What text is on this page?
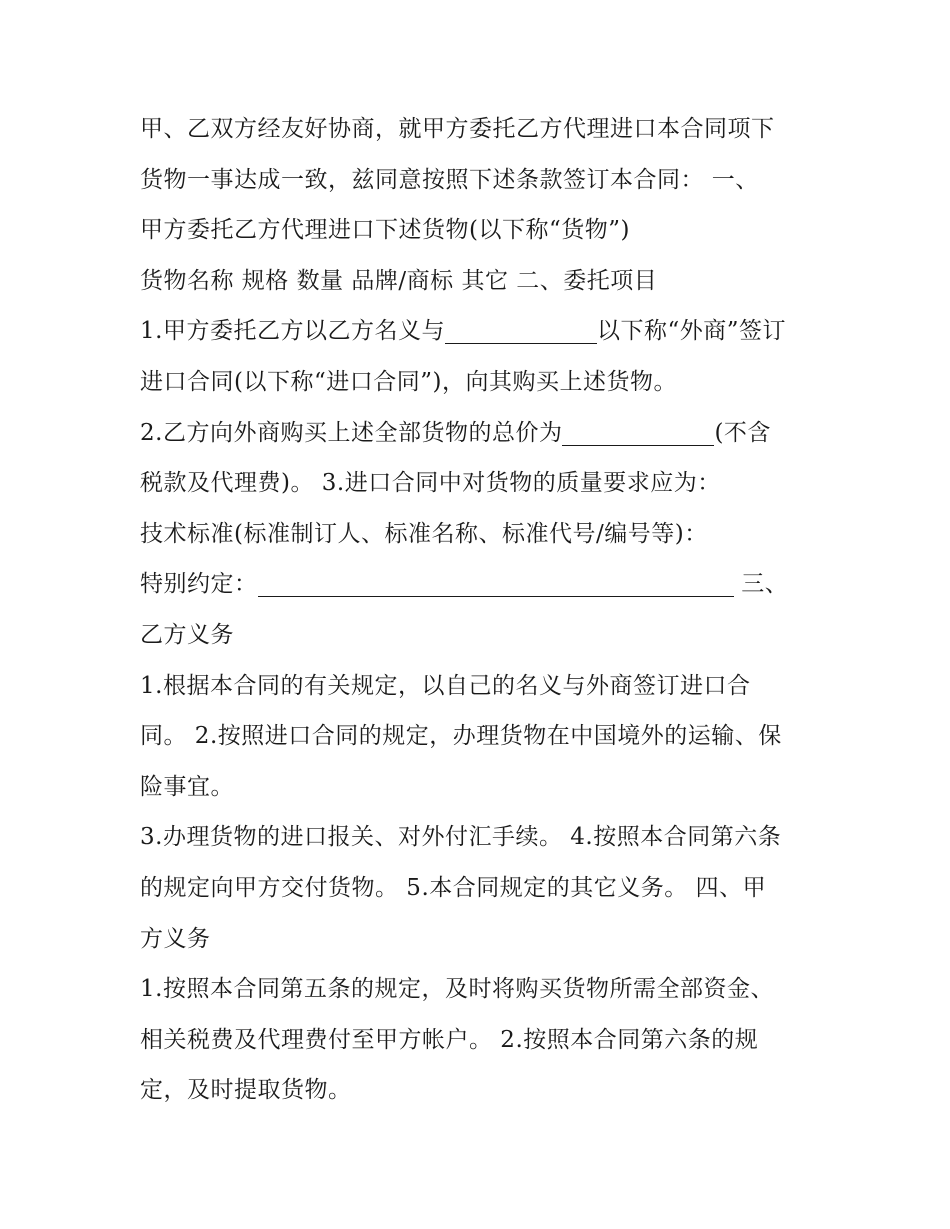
甲、乙双方经友好协商，就甲方委托乙方代理进口本合同项下
货物一事达成一致，兹同意按照下述条款签订本合同： 一、
甲方委托乙方代理进口下述货物(以下称“货物”)
货物名称 规格 数量 品牌/商标 其它 二、委托项目
1.甲方委托乙方以乙方名义与	以下称“外商”签订
进口合同(以下称“进口合同”)，向其购买上述货物。
2.乙方向外商购买上述全部货物的总价为	(不含
税款及代理费)。 3.进口合同中对货物的质量要求应为：
技术标准(标准制订人、标准名称、标准代号/编号等)：
特别约定：	三、
乙方义务
1.根据本合同的有关规定，以自己的名义与外商签订进口合
同。 2.按照进口合同的规定，办理货物在中国境外的运输、保
险事宜。
3.办理货物的进口报关、对外付汇手续。 4.按照本合同第六条
的规定向甲方交付货物。 5.本合同规定的其它义务。 四、甲
方义务
1.按照本合同第五条的规定，及时将购买货物所需全部资金、
相关税费及代理费付至甲方帐户。 2.按照本合同第六条的规
定，及时提取货物。
